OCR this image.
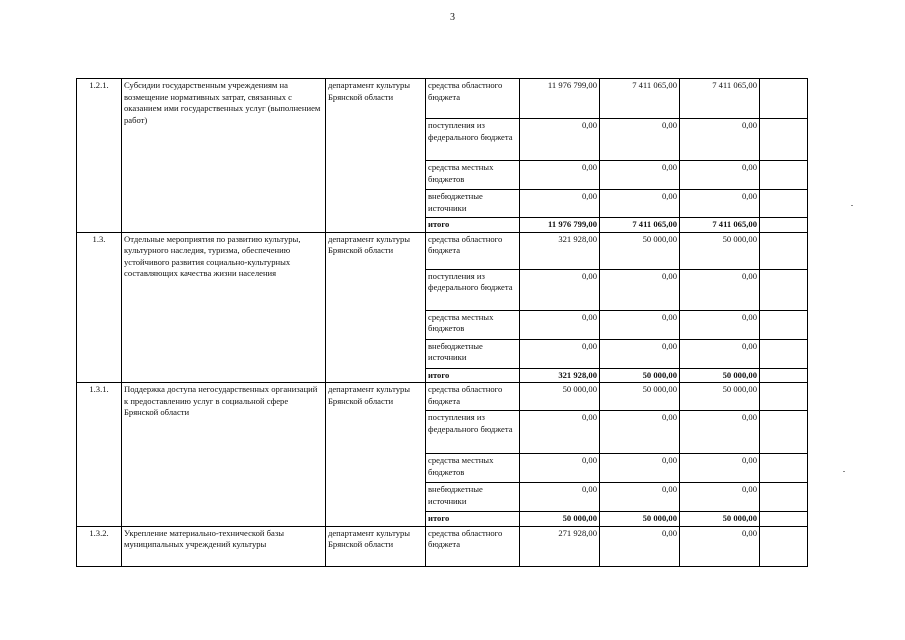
3
1.2.1.	Субсидии государственным учреждениям на возмещение нормативных затрат, связанных с оказанием ими государственных услуг (выполнением работ)	департамент культуры Брянской области	средства областного бюджета	11 976 799,00	7 411 065,00	7 411 065,00	
			поступления из федерального бюджета	0,00	0,00	0,00	
			средства местных бюджетов	0,00	0,00	0,00	
			внебюджетные источники	0,00	0,00	0,00	
			итого	11 976 799,00	7 411 065,00	7 411 065,00	
1.3.	Отдельные мероприятия по развитию культуры, культурного наследия, туризма, обеспечению устойчивого развития социально-культурных составляющих качества жизни населения	департамент культуры Брянской области	средства областного бюджета	321 928,00	50 000,00	50 000,00	
			поступления из федерального бюджета	0,00	0,00	0,00	
			средства местных бюджетов	0,00	0,00	0,00	
			внебюджетные источники	0,00	0,00	0,00	
			итого	321 928,00	50 000,00	50 000,00	
1.3.1.	Поддержка доступа негосударственных организаций к предоставлению услуг в социальной сфере Брянской области	департамент культуры Брянской области	средства областного бюджета	50 000,00	50 000,00	50 000,00	
			поступления из федерального бюджета	0,00	0,00	0,00	
			средства местных бюджетов	0,00	0,00	0,00	
			внебюджетные источники	0,00	0,00	0,00	
			итого	50 000,00	50 000,00	50 000,00	
1.3.2.	Укрепление материально-технической базы муниципальных учреждений культуры	департамент культуры Брянской области	средства областного бюджета	271 928,00	0,00	0,00	
